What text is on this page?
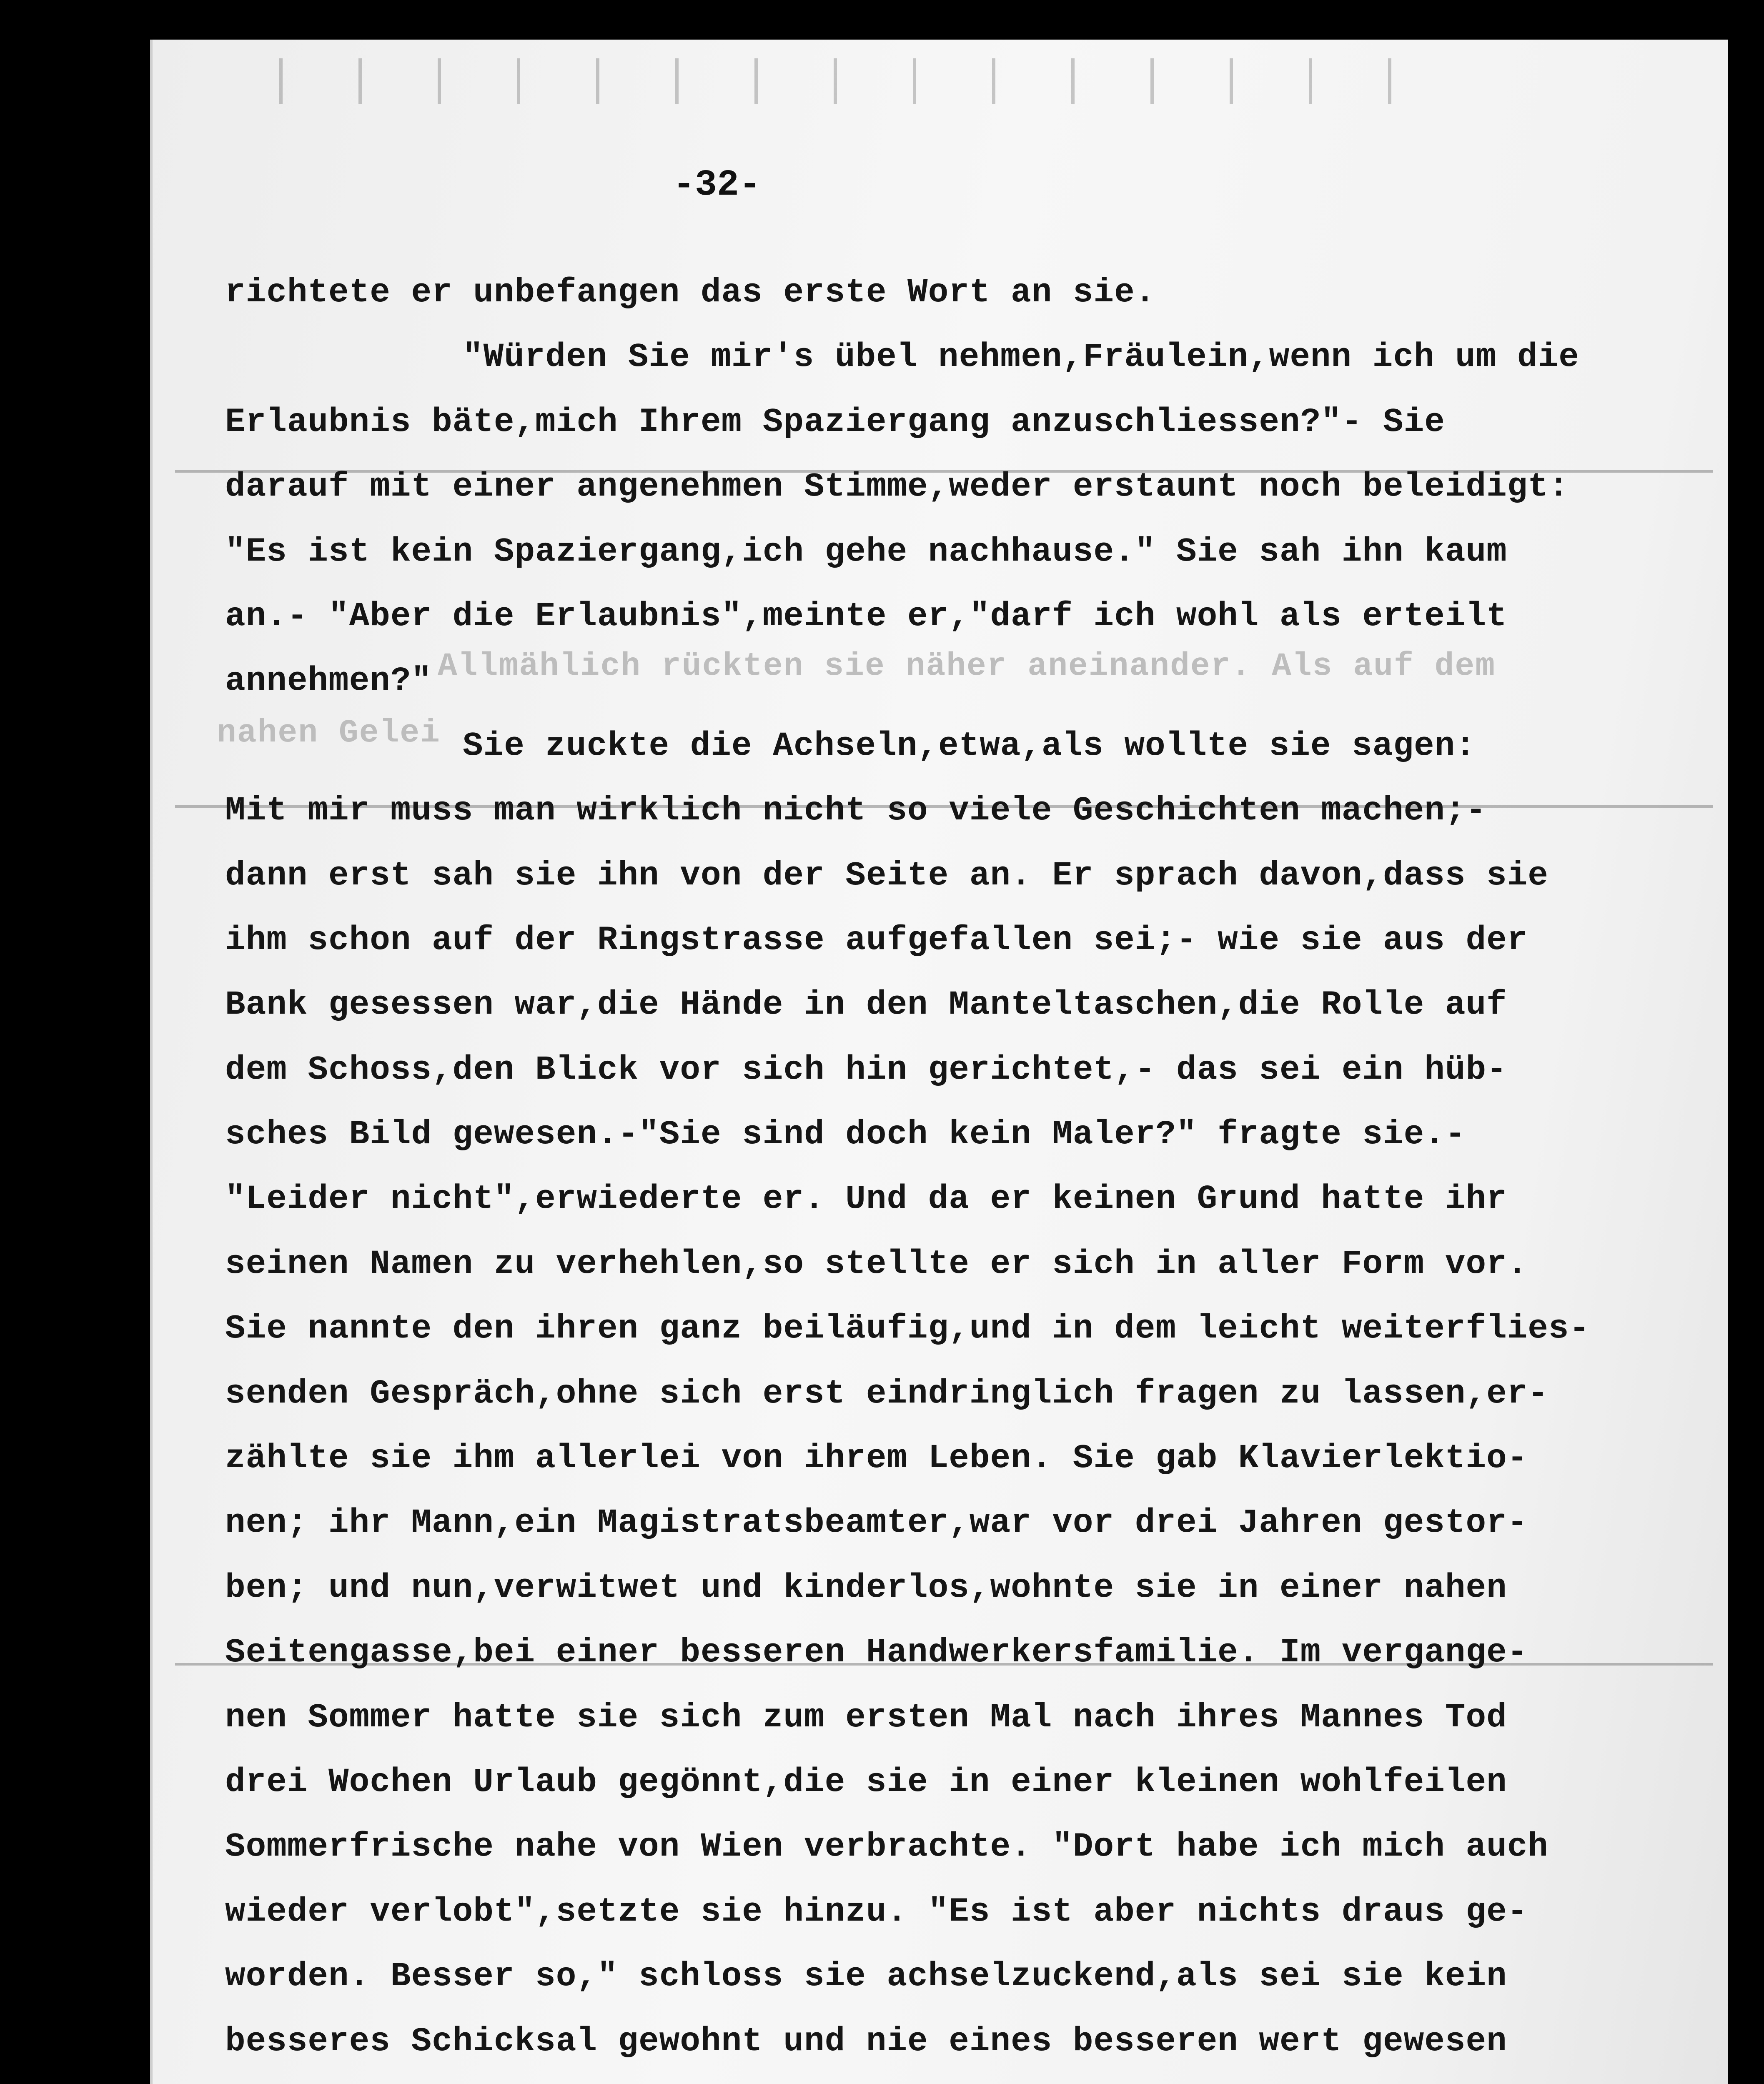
Allmählich rückten sie näher aneinander. Als auf dem
nahen Gelei
-32-
richtete er unbefangen das erste Wort an sie.
"Würden Sie mir's übel nehmen,Fräulein,wenn ich um die
Erlaubnis bäte,mich Ihrem Spaziergang anzuschliessen?"- Sie
darauf mit einer angenehmen Stimme,weder erstaunt noch beleidigt:
"Es ist kein Spaziergang,ich gehe nachhause." Sie sah ihn kaum
an.- "Aber die Erlaubnis",meinte er,"darf ich wohl als erteilt
annehmen?"
Sie zuckte die Achseln,etwa,als wollte sie sagen:
Mit mir muss man wirklich nicht so viele Geschichten machen;-
dann erst sah sie ihn von der Seite an. Er sprach davon,dass sie
ihm schon auf der Ringstrasse aufgefallen sei;- wie sie aus der
Bank gesessen war,die Hände in den Manteltaschen,die Rolle auf
dem Schoss,den Blick vor sich hin gerichtet,- das sei ein hüb-
sches Bild gewesen.-"Sie sind doch kein Maler?" fragte sie.-
"Leider nicht",erwiederte er. Und da er keinen Grund hatte ihr
seinen Namen zu verhehlen,so stellte er sich in aller Form vor.
Sie nannte den ihren ganz beiläufig,und in dem leicht weiterflies-
senden Gespräch,ohne sich erst eindringlich fragen zu lassen,er-
zählte sie ihm allerlei von ihrem Leben. Sie gab Klavierlektio-
nen; ihr Mann,ein Magistratsbeamter,war vor drei Jahren gestor-
ben; und nun,verwitwet und kinderlos,wohnte sie in einer nahen
Seitengasse,bei einer besseren Handwerkersfamilie. Im vergange-
nen Sommer hatte sie sich zum ersten Mal nach ihres Mannes Tod
drei Wochen Urlaub gegönnt,die sie in einer kleinen wohlfeilen
Sommerfrische nahe von Wien verbrachte. "Dort habe ich mich auch
wieder verlobt",setzte sie hinzu. "Es ist aber nichts draus ge-
worden. Besser so," schloss sie achselzuckend,als sei sie kein
besseres Schicksal gewohnt und nie eines besseren wert gewesen
